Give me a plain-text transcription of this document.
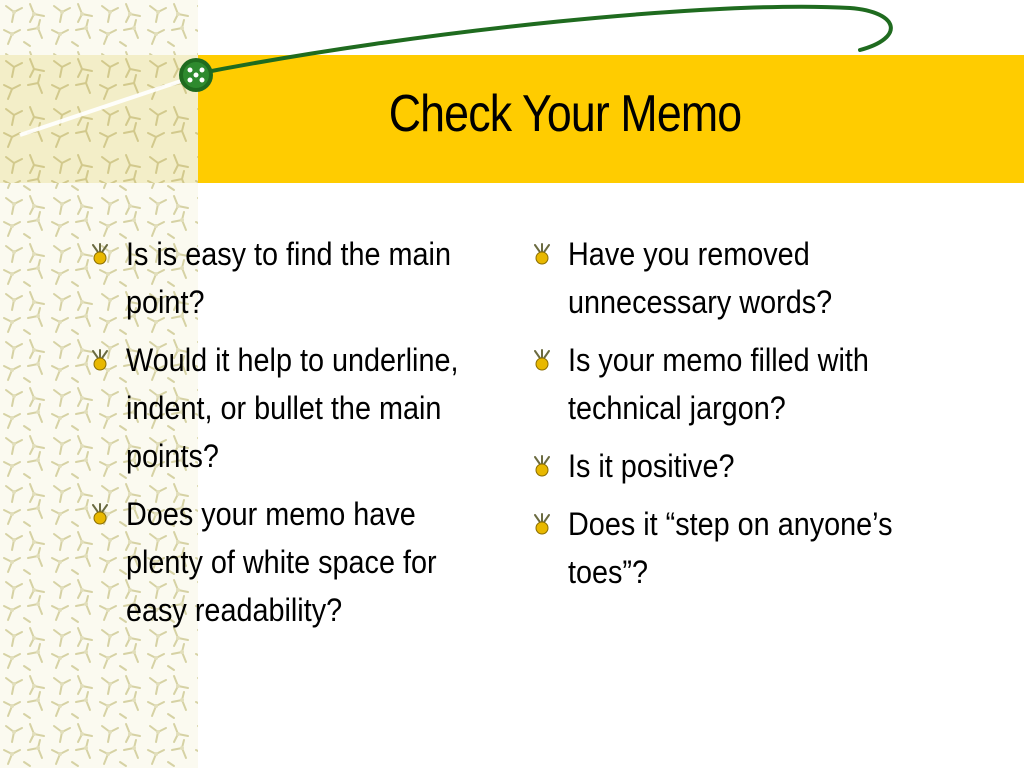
Check Your Memo
Is is easy to find the main point?
Would it help to underline, indent, or bullet the main points?
Does your memo have plenty of white space for easy readability?
Have you removed unnecessary words?
Is your memo filled with technical jargon?
Is it positive?
Does it “step on anyone’s toes”?
